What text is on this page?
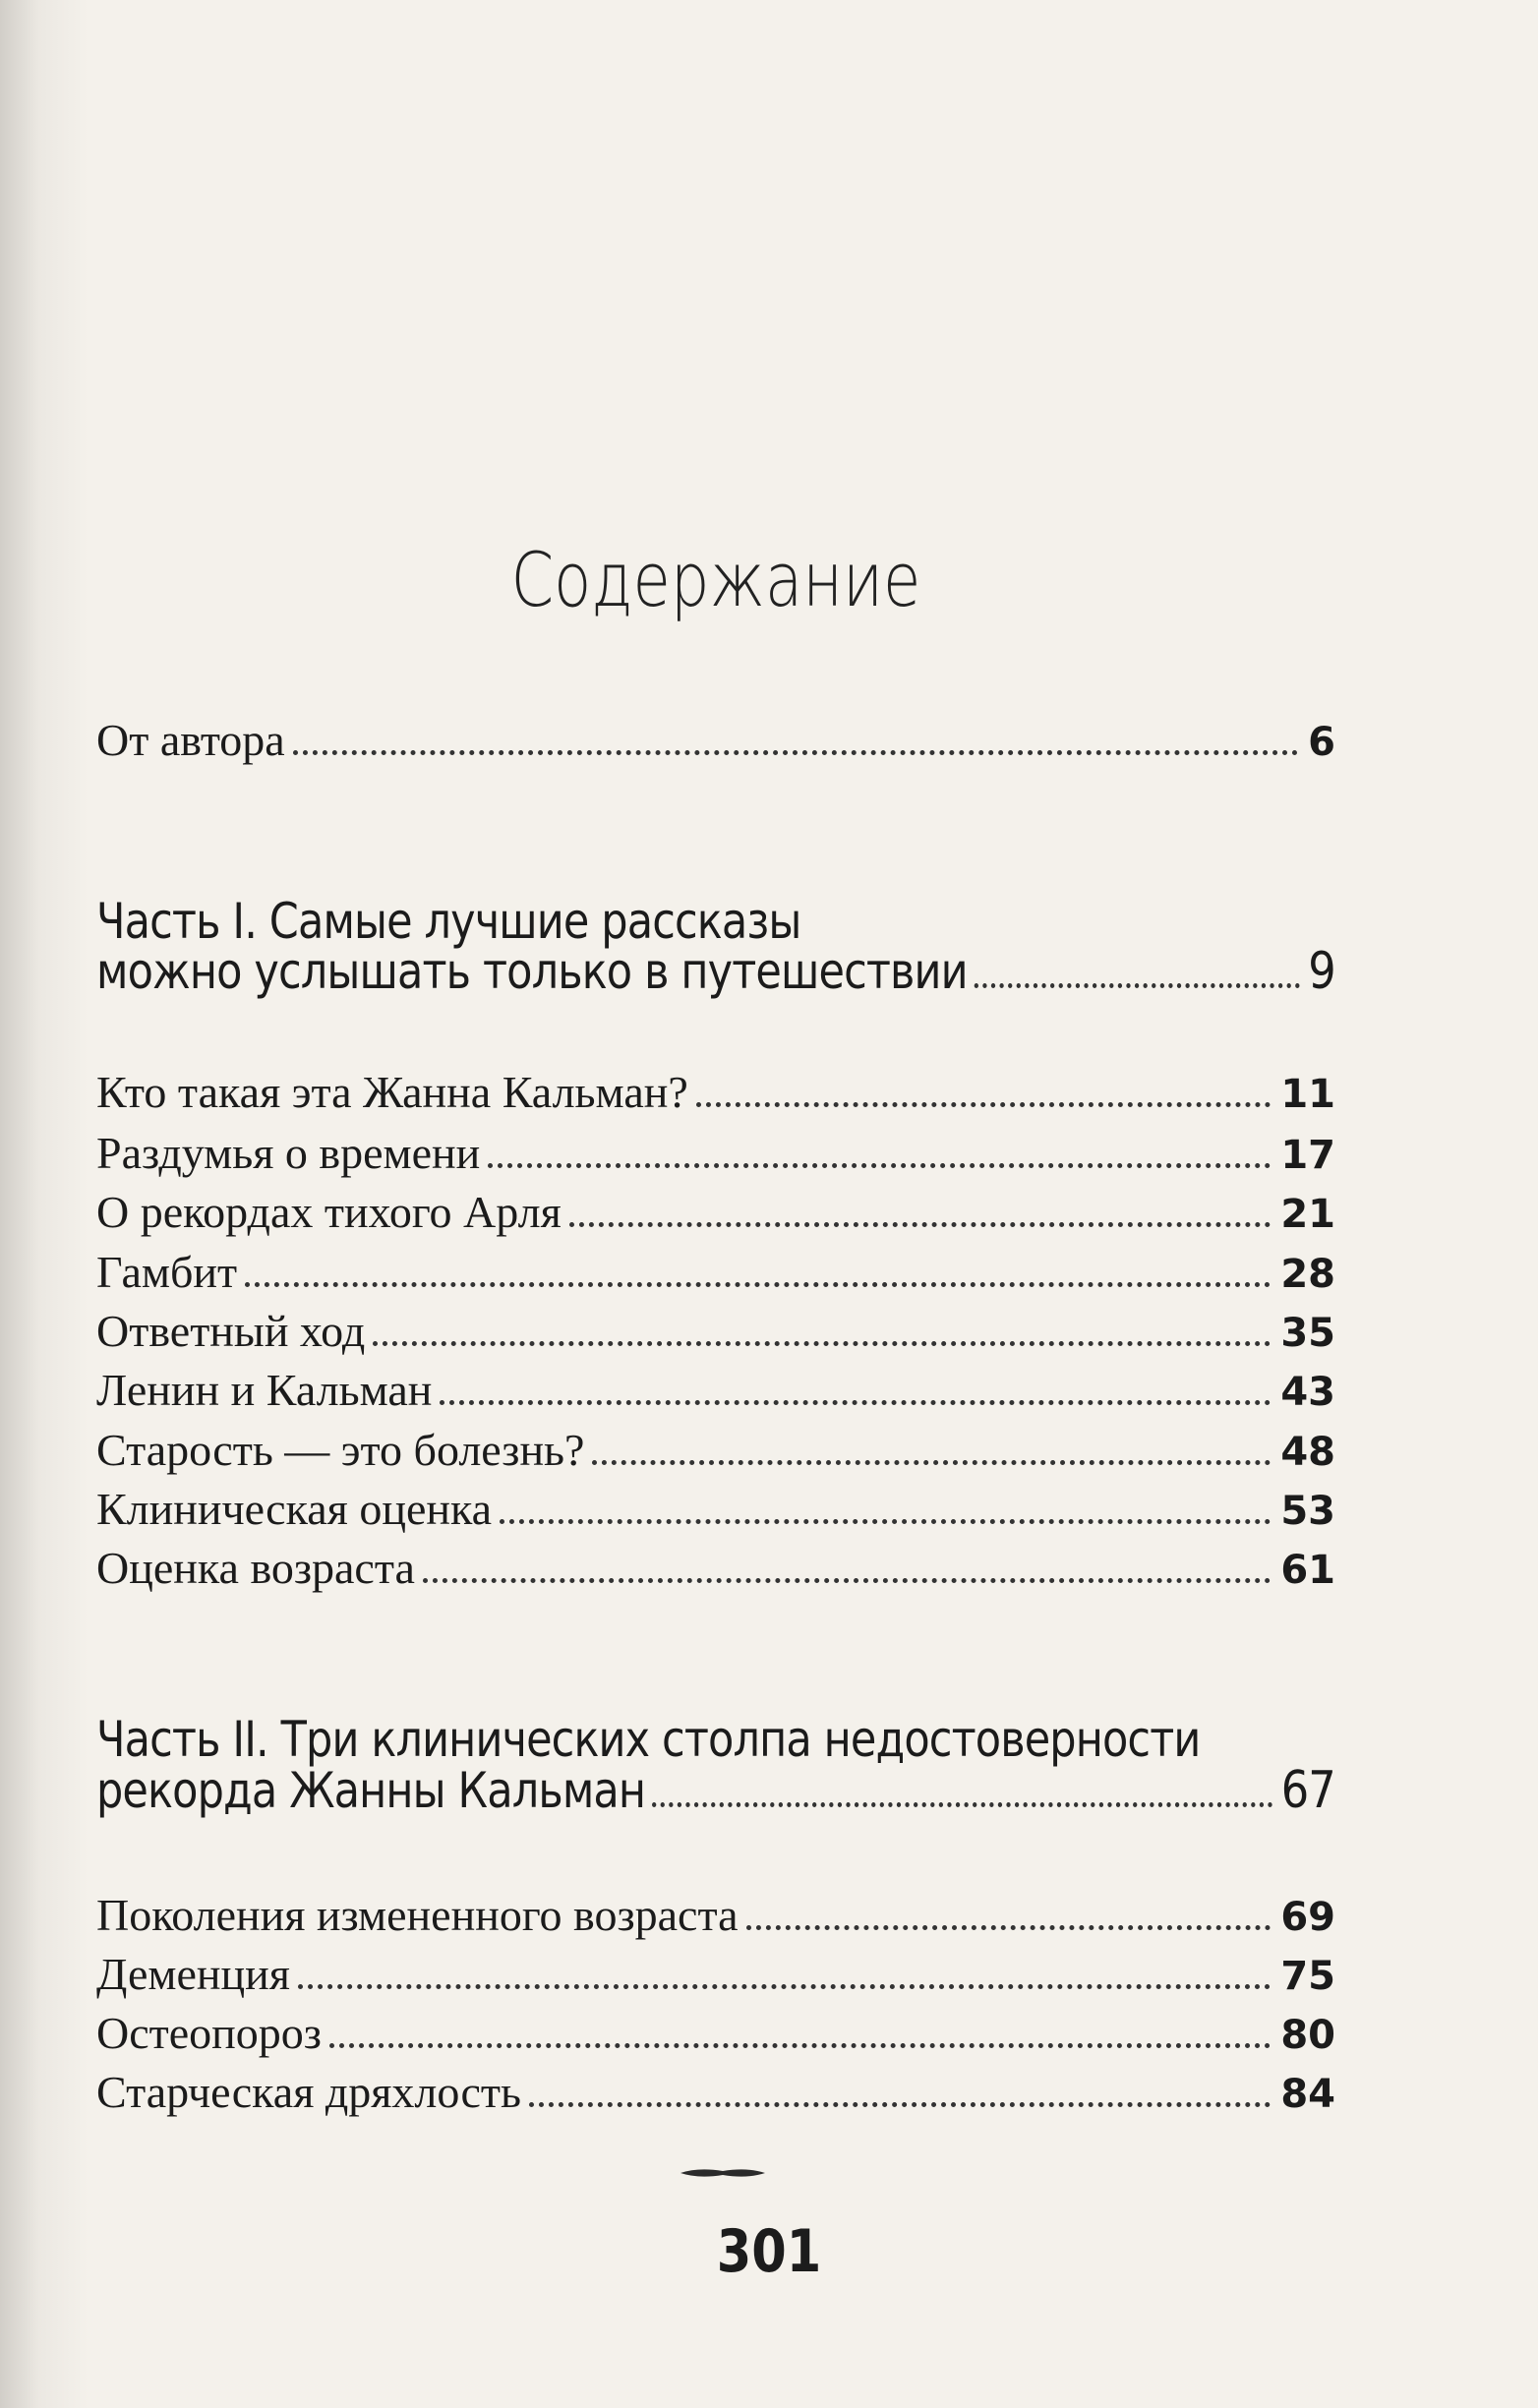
Содержание
От автора	6
Часть I. Самые лучшие рассказы
можно услышать только в путешествии	9
Кто такая эта Жанна Кальман?	11
Раздумья о времени	17
О рекордах тихого Арля	21
Гамбит	28
Ответный ход	35
Ленин и Кальман	43
Старость — это болезнь?	48
Клиническая оценка	53
Оценка возраста	61
Часть II. Три клинических столпа недостоверности
рекорда Жанны Кальман	67
Поколения измененного возраста	69
Деменция	75
Остеопороз	80
Старческая дряхлость	84
301
